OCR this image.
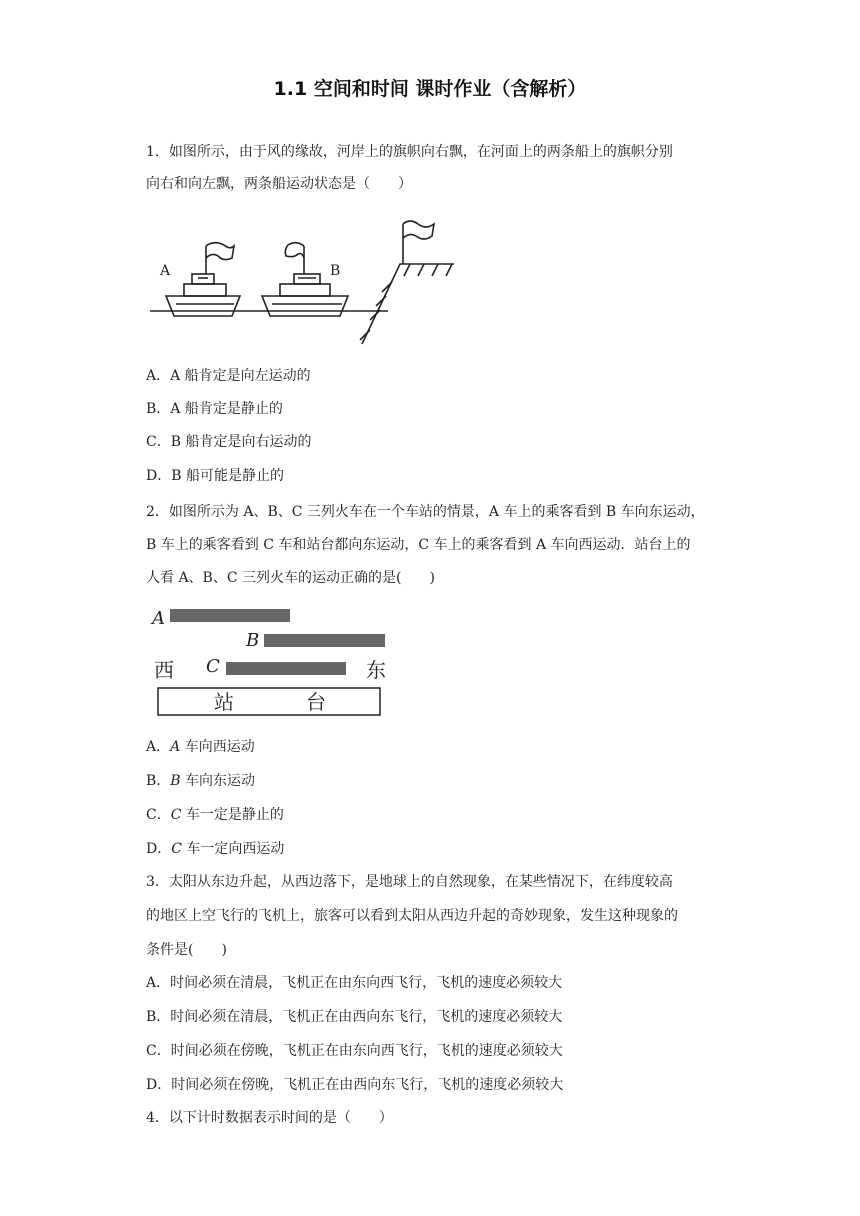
1.1 空间和时间 课时作业（含解析）
1．如图所示，由于风的缘故，河岸上的旗帜向右飘，在河面上的两条船上的旗帜分别
向右和向左飘，两条船运动状态是（　　）
A	B
A．A 船肯定是向左运动的
B．A 船肯定是静止的
C．B 船肯定是向右运动的
D．B 船可能是静止的
2．如图所示为 A、B、C 三列火车在一个车站的情景，A 车上的乘客看到 B 车向东运动，
B 车上的乘客看到 C 车和站台都向东运动，C 车上的乘客看到 A 车向西运动．站台上的
人看 A、B、C 三列火车的运动正确的是(　　)
A
B
西 C	东
站	台
A．A 车向西运动
B．B 车向东运动
C．C 车一定是静止的
D．C 车一定向西运动
3．太阳从东边升起，从西边落下，是地球上的自然现象，在某些情况下，在纬度较高
的地区上空飞行的飞机上，旅客可以看到太阳从西边升起的奇妙现象，发生这种现象的
条件是(　　)
A．时间必须在清晨，飞机正在由东向西飞行，飞机的速度必须较大
B．时间必须在清晨，飞机正在由西向东飞行，飞机的速度必须较大
C．时间必须在傍晚，飞机正在由东向西飞行，飞机的速度必须较大
D．时间必须在傍晚，飞机正在由西向东飞行，飞机的速度必须较大
4．以下计时数据表示时间的是（　　）
